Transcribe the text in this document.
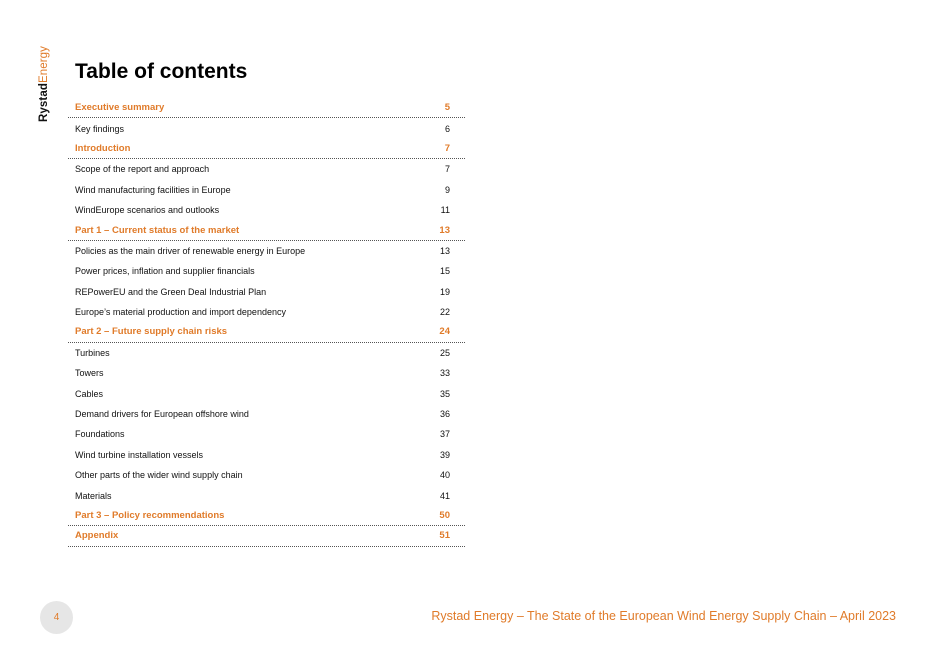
RystadEnergy Table of contents
Executive summary	5
Key findings	6
Introduction	7
Scope of the report and approach	7
Wind manufacturing facilities in Europe	9
WindEurope scenarios and outlooks	11
Part 1 – Current status of the market	13
Policies as the main driver of renewable energy in Europe	13
Power prices, inflation and supplier financials	15
REPowerEU and the Green Deal Industrial Plan	19
Europe’s material production and import dependency	22
Part 2 – Future supply chain risks	24
Turbines	25
Towers	33
Cables	35
Demand drivers for European offshore wind	36
Foundations	37
Wind turbine installation vessels	39
Other parts of the wider wind supply chain	40
Materials	41
Part 3 – Policy recommendations	50
Appendix	51
4	Rystad Energy – The State of the European Wind Energy Supply Chain – April 2023
